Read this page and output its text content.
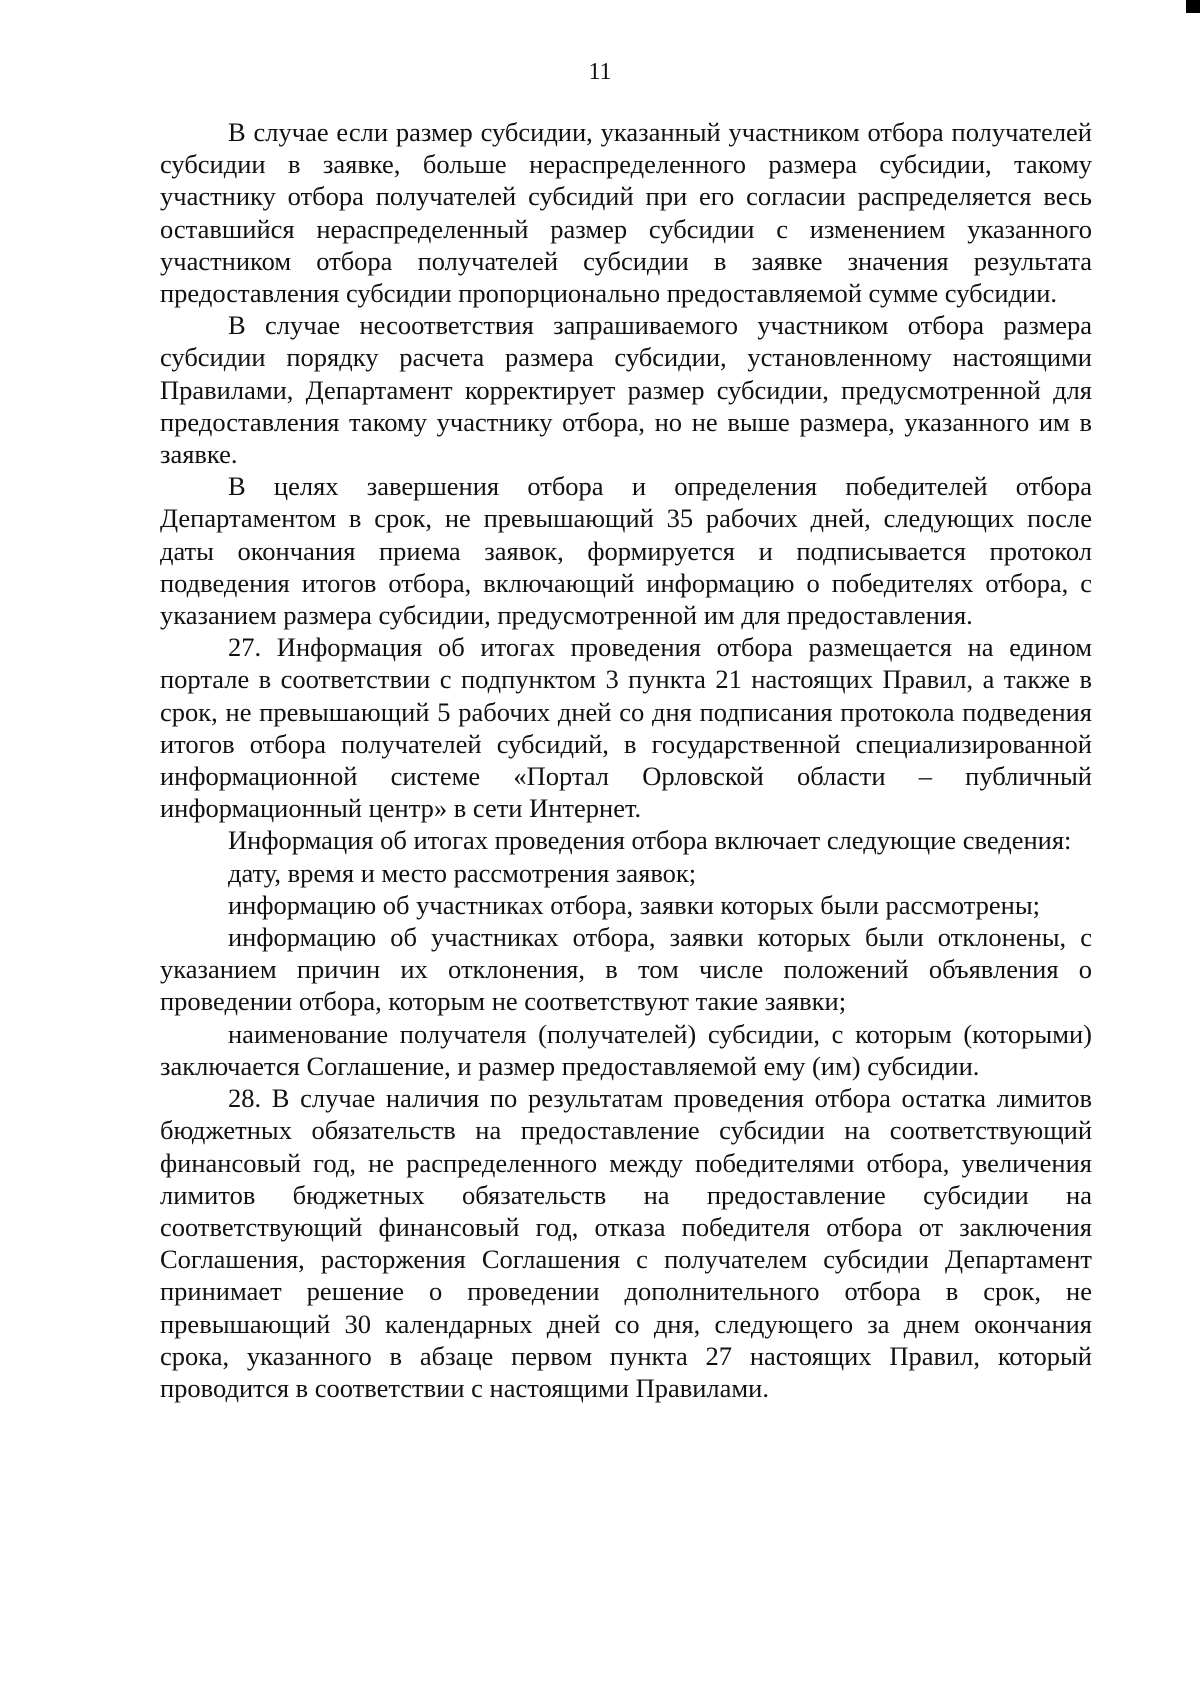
11

В случае если размер субсидии, указанный участником отбора получателей субсидии в заявке, больше нераспределенного размера субсидии, такому участнику отбора получателей субсидий при его согласии распределяется весь оставшийся нераспределенный размер субсидии с изменением указанного участником отбора получателей субсидии в заявке значения результата предоставления субсидии пропорционально предоставляемой сумме субсидии.

В случае несоответствия запрашиваемого участником отбора размера субсидии порядку расчета размера субсидии, установленному настоящими Правилами, Департамент корректирует размер субсидии, предусмотренной для предоставления такому участнику отбора, но не выше размера, указанного им в заявке.

В целях завершения отбора и определения победителей отбора Департаментом в срок, не превышающий 35 рабочих дней, следующих после даты окончания приема заявок, формируется и подписывается протокол подведения итогов отбора, включающий информацию о победителях отбора, с указанием размера субсидии, предусмотренной им для предоставления.

27. Информация об итогах проведения отбора размещается на едином портале в соответствии с подпунктом 3 пункта 21 настоящих Правил, а также в срок, не превышающий 5 рабочих дней со дня подписания протокола подведения итогов отбора получателей субсидий, в государственной специализированной информационной системе «Портал Орловской области – публичный информационный центр» в сети Интернет.

Информация об итогах проведения отбора включает следующие сведения:

дату, время и место рассмотрения заявок;

информацию об участниках отбора, заявки которых были рассмотрены;

информацию об участниках отбора, заявки которых были отклонены, с указанием причин их отклонения, в том числе положений объявления о проведении отбора, которым не соответствуют такие заявки;

наименование получателя (получателей) субсидии, с которым (которыми) заключается Соглашение, и размер предоставляемой ему (им) субсидии.

28. В случае наличия по результатам проведения отбора остатка лимитов бюджетных обязательств на предоставление субсидии на соответствующий финансовый год, не распределенного между победителями отбора, увеличения лимитов бюджетных обязательств на предоставление субсидии на соответствующий финансовый год, отказа победителя отбора от заключения Соглашения, расторжения Соглашения с получателем субсидии Департамент принимает решение о проведении дополнительного отбора в срок, не превышающий 30 календарных дней со дня, следующего за днем окончания срока, указанного в абзаце первом пункта 27 настоящих Правил, который проводится в соответствии с настоящими Правилами.
